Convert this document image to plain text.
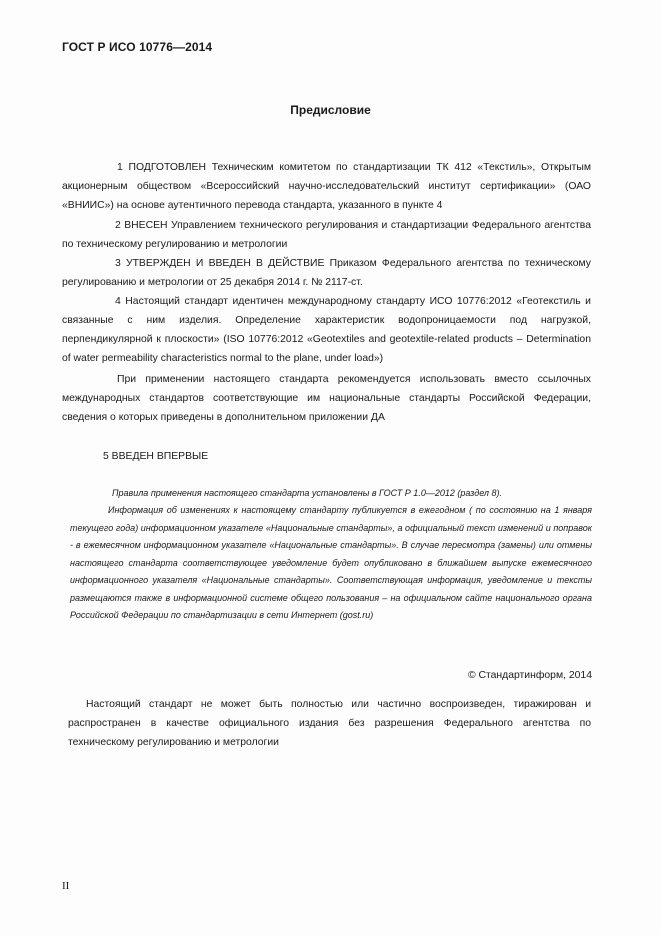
ГОСТ Р ИСО 10776—2014
Предисловие

1 ПОДГОТОВЛЕН Техническим комитетом по стандартизации ТК 412 «Текстиль», Открытым акционерным обществом «Всероссийский научно-исследовательский институт сертификации» (ОАО «ВНИИС») на основе аутентичного перевода стандарта, указанного в пункте 4

2 ВНЕСЕН Управлением технического регулирования и стандартизации Федерального агентства по техническому регулированию и метрологии

3 УТВЕРЖДЕН И ВВЕДЕН В ДЕЙСТВИЕ Приказом Федерального агентства по техническому регулированию и метрологии от 25 декабря 2014 г. № 2117-ст.

4 Настоящий стандарт идентичен международному стандарту ИСО 10776:2012 «Геотекстиль и связанные с ним изделия. Определение характеристик водопроницаемости под нагрузкой, перпендикулярной к плоскости» (ISO 10776:2012 «Geotextiles and geotextile-related products – Determination of water permeability characteristics normal to the plane, under load»)

При применении настоящего стандарта рекомендуется использовать вместо ссылочных международных стандартов соответствующие им национальные стандарты Российской Федерации, сведения о которых приведены в дополнительном приложении ДА

5 ВВЕДЕН ВПЕРВЫЕ

Правила применения настоящего стандарта установлены в ГОСТ Р 1.0—2012 (раздел 8).

Информация об изменениях к настоящему стандарту публикуется в ежегодном ( по состоянию на 1 января текущего года) информационном указателе «Национальные стандарты», а официальный текст изменений и поправок - в ежемесячном информационном указателе «Национальные стандарты». В случае пересмотра (замены) или отмены настоящего стандарта соответствующее уведомление будет опубликовано в ближайшем выпуске ежемесячного информационного указателя «Национальные стандарты». Соответствующая информация, уведомление и тексты размещаются также в информационной системе общего пользования – на официальном сайте национального органа Российской Федерации по стандартизации в сети Интернет (gost.ru)

© Стандартинформ, 2014

Настоящий стандарт не может быть полностью или частично воспроизведен, тиражирован и распространен в качестве официального издания без разрешения Федерального агентства по техническому регулированию и метрологии

II
